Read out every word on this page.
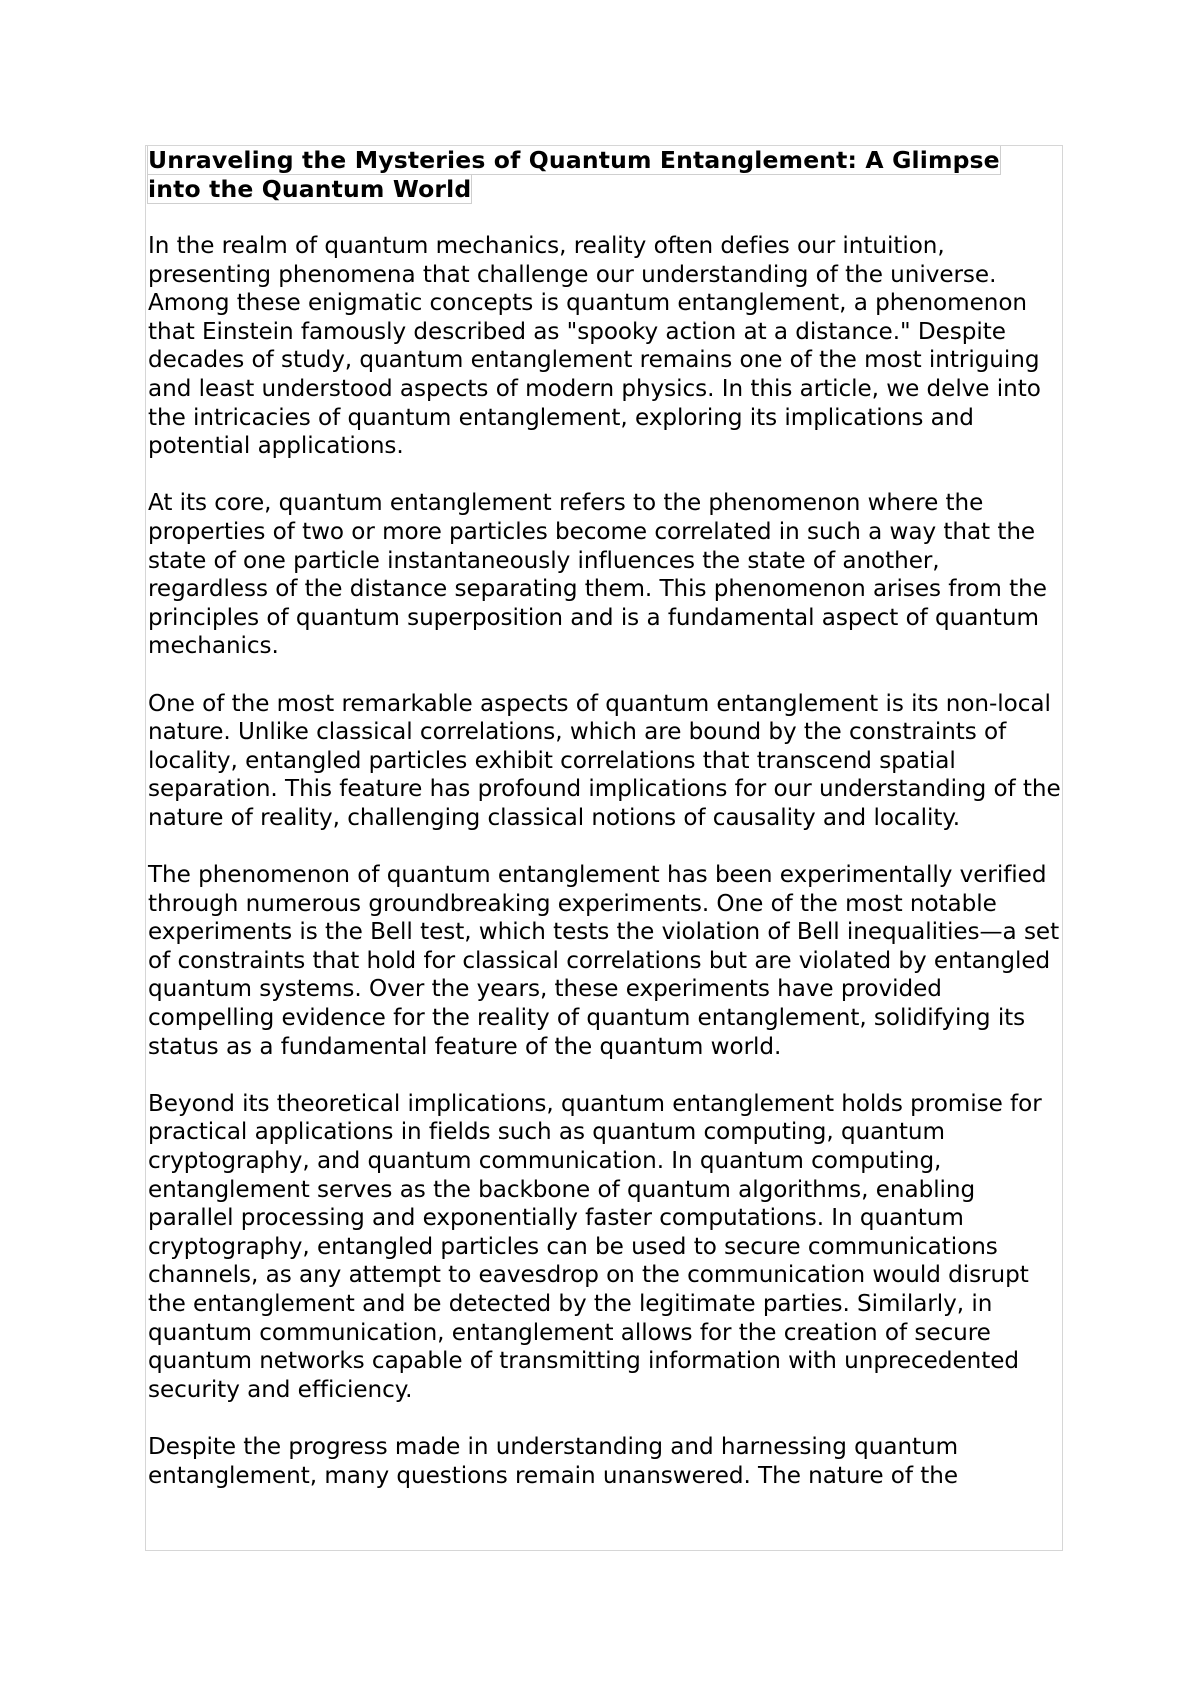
Unraveling the Mysteries of Quantum Entanglement: A Glimpse
into the Quantum World

In the realm of quantum mechanics, reality often defies our intuition, presenting phenomena that challenge our understanding of the universe. Among these enigmatic concepts is quantum entanglement, a phenomenon that Einstein famously described as "spooky action at a distance." Despite decades of study, quantum entanglement remains one of the most intriguing and least understood aspects of modern physics. In this article, we delve into the intricacies of quantum entanglement, exploring its implications and potential applications.

At its core, quantum entanglement refers to the phenomenon where the properties of two or more particles become correlated in such a way that the state of one particle instantaneously influences the state of another, regardless of the distance separating them. This phenomenon arises from the principles of quantum superposition and is a fundamental aspect of quantum mechanics.

One of the most remarkable aspects of quantum entanglement is its non-local nature. Unlike classical correlations, which are bound by the constraints of locality, entangled particles exhibit correlations that transcend spatial separation. This feature has profound implications for our understanding of the nature of reality, challenging classical notions of causality and locality.

The phenomenon of quantum entanglement has been experimentally verified through numerous groundbreaking experiments. One of the most notable experiments is the Bell test, which tests the violation of Bell inequalities—a set of constraints that hold for classical correlations but are violated by entangled quantum systems. Over the years, these experiments have provided compelling evidence for the reality of quantum entanglement, solidifying its status as a fundamental feature of the quantum world.

Beyond its theoretical implications, quantum entanglement holds promise for practical applications in fields such as quantum computing, quantum cryptography, and quantum communication. In quantum computing, entanglement serves as the backbone of quantum algorithms, enabling parallel processing and exponentially faster computations. In quantum cryptography, entangled particles can be used to secure communications channels, as any attempt to eavesdrop on the communication would disrupt the entanglement and be detected by the legitimate parties. Similarly, in quantum communication, entanglement allows for the creation of secure quantum networks capable of transmitting information with unprecedented security and efficiency.

Despite the progress made in understanding and harnessing quantum entanglement, many questions remain unanswered. The nature of the
